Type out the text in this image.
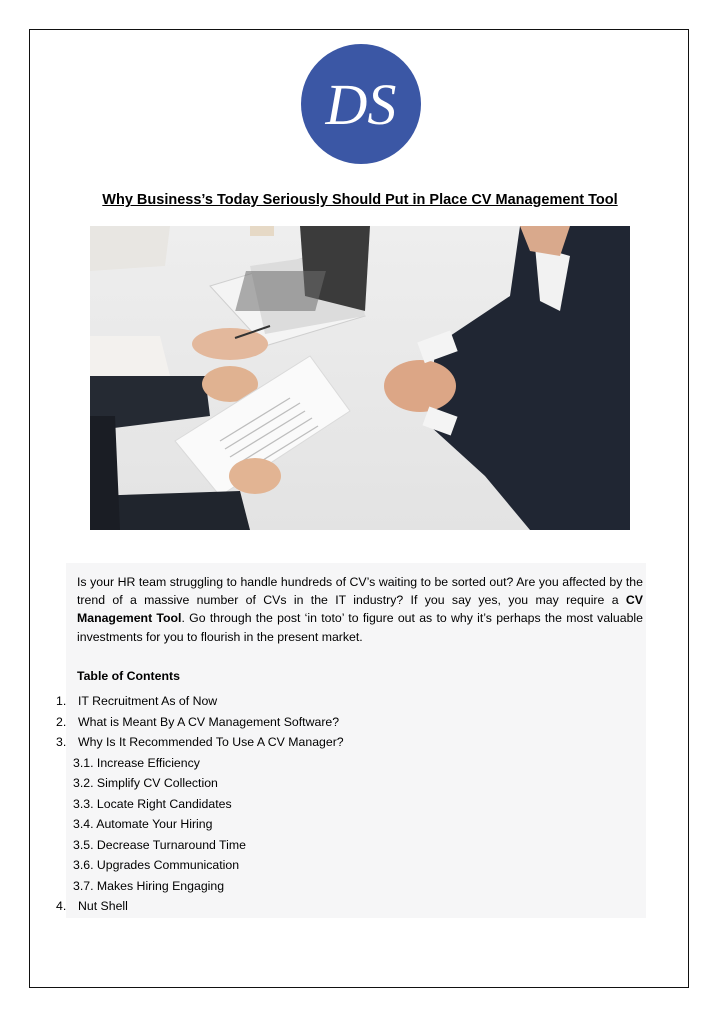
DS
Why Business’s Today Seriously Should Put in Place CV Management Tool
Is your HR team struggling to handle hundreds of CV’s waiting to be sorted out? Are you affected by the trend of a massive number of CVs in the IT industry? If you say yes, you may require a CV Management Tool. Go through the post ‘in toto’ to figure out as to why it’s perhaps the most valuable investments for you to flourish in the present market.
Table of Contents
1. IT Recruitment As of Now
2. What is Meant By A CV Management Software?
3. Why Is It Recommended To Use A CV Manager?
3.1. Increase Efficiency
3.2. Simplify CV Collection
3.3. Locate Right Candidates
3.4. Automate Your Hiring
3.5. Decrease Turnaround Time
3.6. Upgrades Communication
3.7. Makes Hiring Engaging
4. Nut Shell
